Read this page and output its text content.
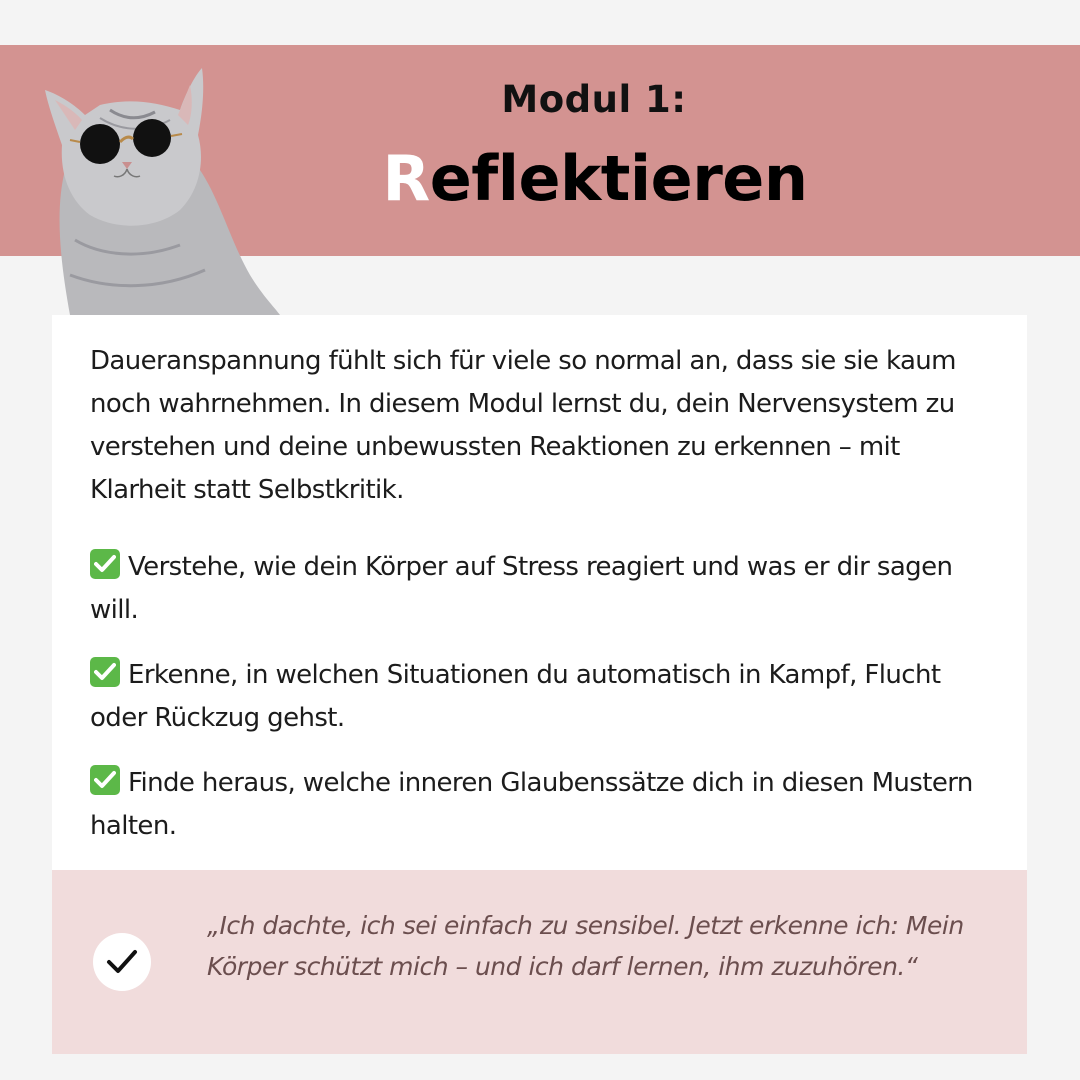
Modul 1:
Reflektieren
Daueranspannung fühlt sich für viele so normal an, dass sie sie kaum noch wahrnehmen. In diesem Modul lernst du, dein Nervensystem zu verstehen und deine unbewussten Reaktionen zu erkennen – mit Klarheit statt Selbstkritik.
Verstehe, wie dein Körper auf Stress reagiert und was er dir sagen will.
Erkenne, in welchen Situationen du automatisch in Kampf, Flucht oder Rückzug gehst.
Finde heraus, welche inneren Glaubenssätze dich in diesen Mustern halten.
„Ich dachte, ich sei einfach zu sensibel. Jetzt erkenne ich: Mein Körper schützt mich – und ich darf lernen, ihm zuzuhören.“
